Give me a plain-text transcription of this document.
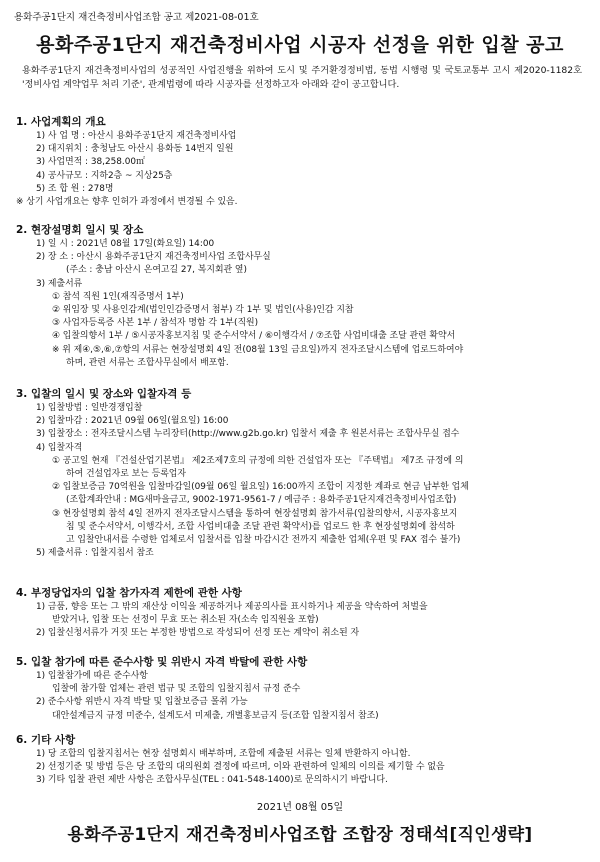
용화주공1단지 재건축정비사업조합 공고 제2021-08-01호
용화주공1단지 재건축정비사업 시공자 선정을 위한 입찰 공고
용화주공1단지 재건축정비사업의 성공적인 사업진행을 위하여 도시 및 주거환경정비법, 동법 시행령 및 국토교통부 고시 제2020-1182호 '정비사업 계약업무 처리 기준', 관계법령에 따라 시공자를 선정하고자 아래와 같이 공고합니다.
1. 사업계획의 개요
1) 사 업 명 : 아산시 용화주공1단지 재건축정비사업
2) 대지위치 : 충청남도 아산시 용화동 14번지 일원
3) 사업면적 : 38,258.00㎡
4) 공사규모 : 지하2층 ~ 지상25층
5) 조 합 원 : 278명
※ 상기 사업개요는 향후 인허가 과정에서 변경될 수 있음.
2. 현장설명회 일시 및 장소
1) 일 시 : 2021년 08월 17일(화요일) 14:00
2) 장 소 : 아산시 용화주공1단지 재건축정비사업 조합사무실
(주소 : 충남 아산시 온여고길 27, 복지회관 옆)
3) 제출서류
① 참석 직원 1인(재직증명서 1부)
② 위임장 및 사용인감계(법인인감증명서 첨부) 각 1부 및 법인(사용)인감 지참
③ 사업자등록증 사본 1부 / 참석자 명함 각 1부(직원)
④ 입찰의향서 1부 / ⑤시공자홍보지침 및 준수서약서 / ⑥이행각서 / ⑦조합 사업비대출 조달 관련 확약서
※ 위 제④,⑤,⑥,⑦항의 서류는 현장설명회 4일 전(08월 13일 금요일)까지 전자조달시스템에 업로드하여야
하며, 관련 서류는 조합사무실에서 배포함.
3. 입찰의 일시 및 장소와 입찰자격 등
1) 입찰방법 : 일반경쟁입찰
2) 입찰마감 : 2021년 09월 06일(월요일) 16:00
3) 입찰장소 : 전자조달시스템 누리장터(http://www.g2b.go.kr) 입찰서 제출 후 원본서류는 조합사무실 접수
4) 입찰자격
① 공고일 현재 『건설산업기본법』 제2조제7호의 규정에 의한 건설업자 또는 『주택법』 제7조 규정에 의
하여 건설업자로 보는 등록업자
② 입찰보증금 70억원을 입찰마감일(09월 06일 월요일) 16:00까지 조합이 지정한 계좌로 현금 납부한 업체
(조합계좌안내 : MG새마을금고, 9002-1971-9561-7 / 예금주 : 용화주공1단지재건축정비사업조합)
③ 현장설명회 참석 4일 전까지 전자조달시스템을 통하여 현장설명회 참가서류(입찰의향서, 시공자홍보지
침 및 준수서약서, 이행각서, 조합 사업비대출 조달 관련 확약서)를 업로드 한 후 현장설명회에 참석하
고 입찰안내서를 수령한 업체로서 입찰서를 입찰 마감시간 전까지 제출한 업체(우편 및 FAX 접수 불가)
5) 제출서류 : 입찰지침서 참조
4. 부정당업자의 입찰 참가자격 제한에 관한 사항
1) 금품, 향응 또는 그 밖의 재산상 이익을 제공하거나 제공의사를 표시하거나 제공을 약속하여 처벌을
받았거나, 입찰 또는 선정이 무효 또는 취소된 자(소속 임직원을 포함)
2) 입찰신청서류가 거짓 또는 부정한 방법으로 작성되어 선정 또는 계약이 취소된 자
5. 입찰 참가에 따른 준수사항 및 위반시 자격 박탈에 관한 사항
1) 입찰참가에 따른 준수사항
입찰에 참가할 업체는 관련 법규 및 조합의 입찰지침서 규정 준수
2) 준수사항 위반시 자격 박탈 및 입찰보증금 몰취 가능
대안설계금지 규정 미준수, 설계도서 미제출, 개별홍보금지 등(조합 입찰지침서 참조)
6. 기타 사항
1) 당 조합의 입찰지침서는 현장 설명회시 배부하며, 조합에 제출된 서류는 일체 반환하지 아니함.
2) 선정기준 및 방법 등은 당 조합의 대의원회 결정에 따르며, 이와 관련하여 일체의 이의를 제기할 수 없음
3) 기타 입찰 관련 제반 사항은 조합사무실(TEL : 041-548-1400)로 문의하시기 바랍니다.
2021년 08월 05일
용화주공1단지 재건축정비사업조합 조합장 정태석[직인생략]
